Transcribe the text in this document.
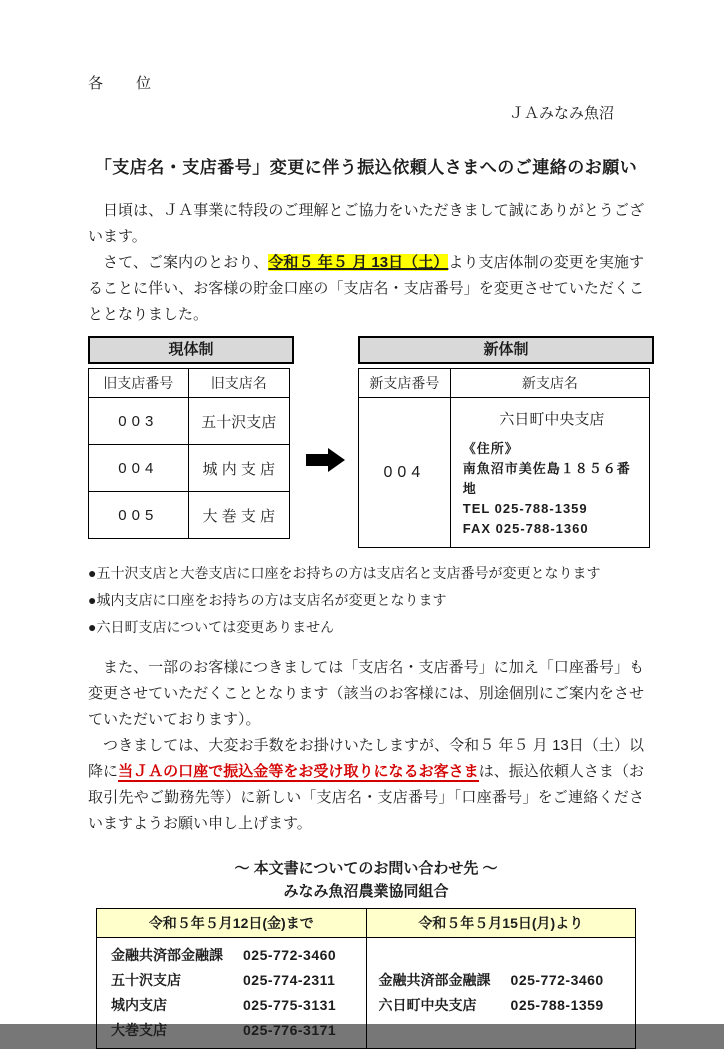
各　　位
ＪＡみなみ魚沼
「支店名・支店番号」変更に伴う振込依頼人さまへのご連絡のお願い
　日頃は、ＪＡ事業に特段のご理解とご協力をいただきまして誠にありがとうございます。
　さて、ご案内のとおり、令和５ 年５ 月 13日（土）より支店体制の変更を実施することに伴い、お客様の貯金口座の「支店名・支店番号」を変更させていただくこととなりました。
現体制
旧支店番号	旧支店名
003	五十沢支店
004	城 内 支 店
005	大 巻 支 店
新体制
新支店番号	新支店名
004	六日町中央支店
《住所》
南魚沼市美佐島１８５６番地
TEL 025-788-1359
FAX 025-788-1360
●五十沢支店と大巻支店に口座をお持ちの方は支店名と支店番号が変更となります
●城内支店に口座をお持ちの方は支店名が変更となります
●六日町支店については変更ありません
　また、一部のお客様につきましては「支店名・支店番号」に加え「口座番号」も変更させていただくこととなります（該当のお客様には、別途個別にご案内をさせていただいております）。
　つきましては、大変お手数をお掛けいたしますが、令和５ 年５ 月 13日（土）以降に当ＪＡの口座で振込金等をお受け取りになるお客さまは、振込依頼人さま（お取引先やご勤務先等）に新しい「支店名・支店番号」「口座番号」をご連絡くださいますようお願い申し上げます。
～ 本文書についてのお問い合わせ先 ～
みなみ魚沼農業協同組合
令和５年５月12日(金)まで	令和５年５月15日(月)より

金融共済部金融課	025-772-3460
五十沢支店	025-774-2311
城内支店	025-775-3131
大巻支店	025-776-3171

金融共済部金融課	025-772-3460
六日町中央支店	025-788-1359
